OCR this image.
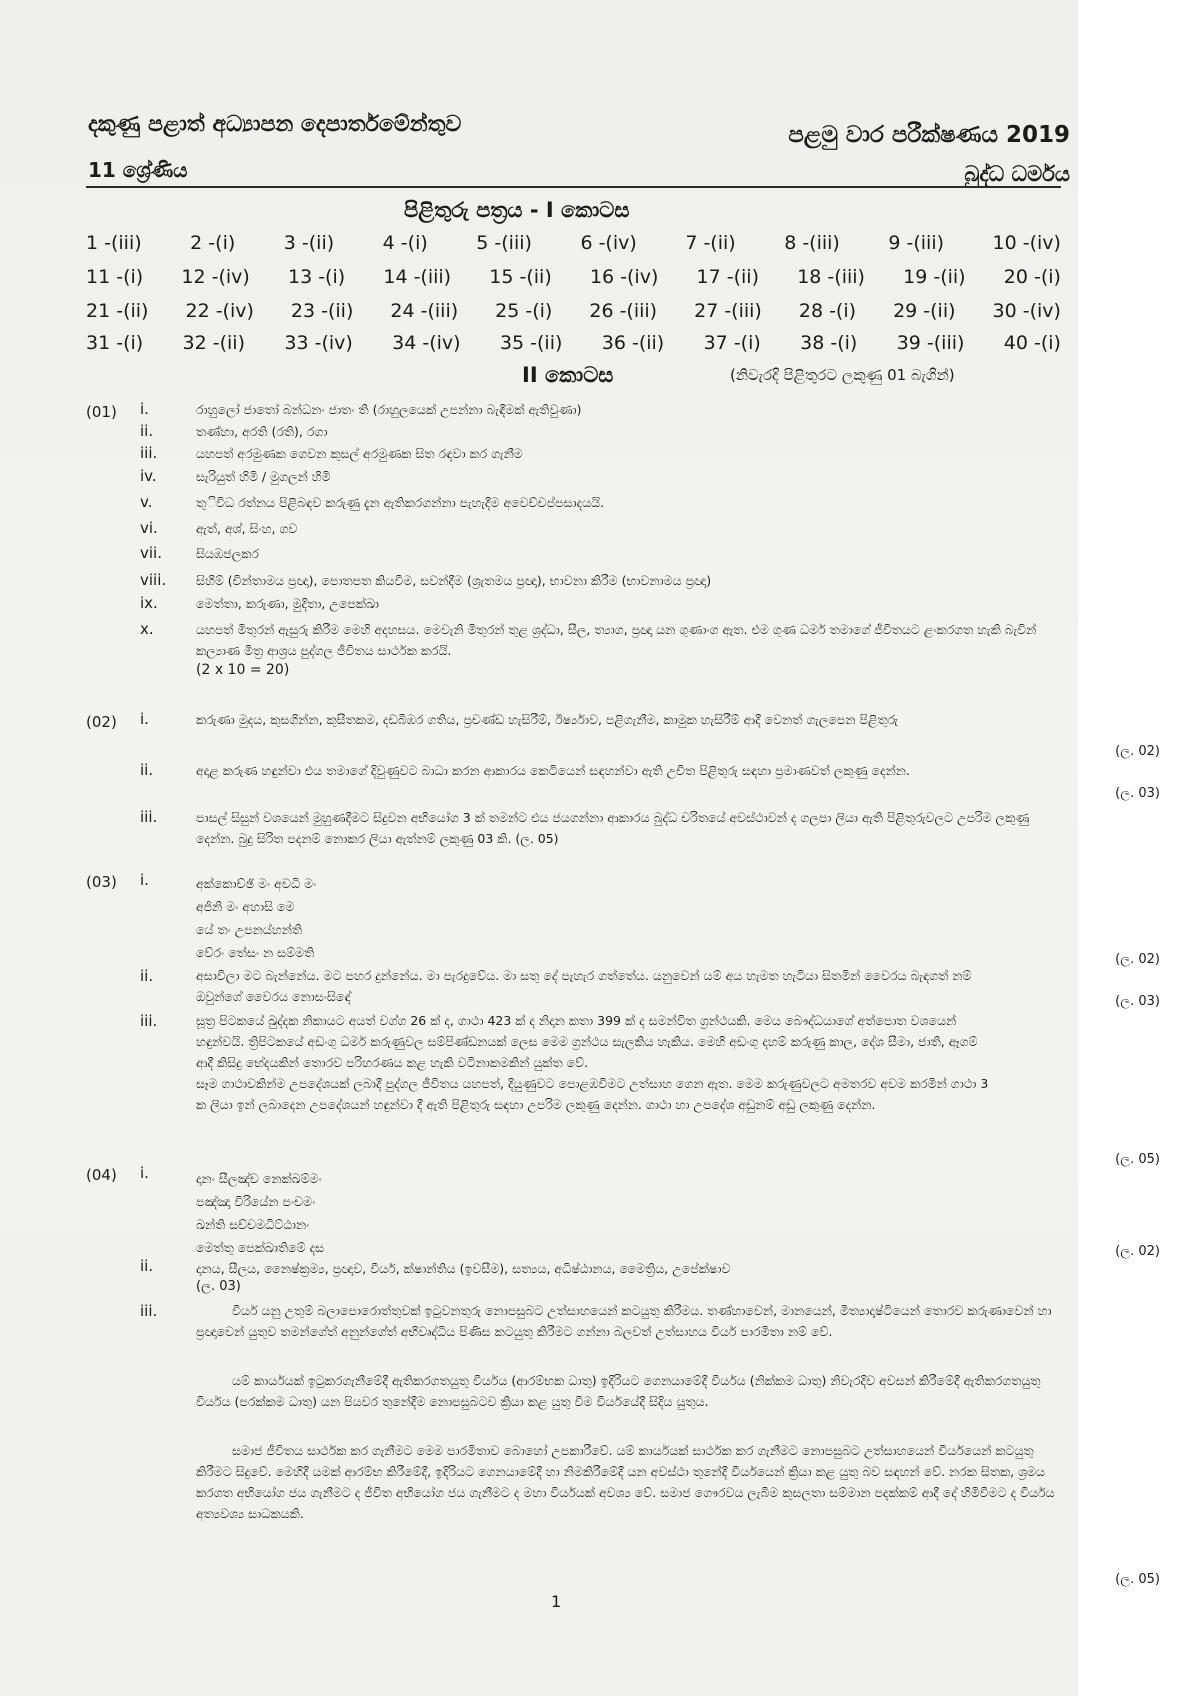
දකුණු පළාත් අධ්‍යාපන දෙපාර්තමේන්තුව	පළමු වාර පරීක්ෂණය 2019
11 ශ්‍රේණිය	බුද්ධ ධර්මය
පිළිතුරු පත්‍රය - I කොටස
1 -(iii)	2 -(i)	3 -(ii)	4 -(i)	5 -(iii)	6 -(iv)	7 -(ii)	8 -(iii)	9 -(iii)	10 -(iv)
11 -(i) 12 -(iv) 13 -(i) 14 -(iii) 15 -(ii) 16 -(iv) 17 -(ii) 18 -(iii) 19 -(ii) 20 -(i)
21 -(ii) 22 -(iv) 23 -(ii) 24 -(iii) 25 -(i) 26 -(iii) 27 -(iii) 28 -(i) 29 -(ii) 30 -(iv)
31 -(i) 32 -(ii) 33 -(iv) 34 -(iv) 35 -(ii) 36 -(ii) 37 -(i) 38 -(i) 39 -(iii) 40 -(i)
II කොටස	(නිවැරදි පිළිතුරට ලකුණු 01 බැගින්)
(01) i.	රාහුලෝ ජාතෝ බන්ධනං ජාතං ති (රාහුලයෙක් උපන්නා බැඳීමක් ඇතිවුණා)
ii.	තණ්හා, අරති (රති), රගා
iii.	යහපත් අරමුණක ගෙවන කුසල් අරමුණක සිත රඳවා කර ගැනීම
iv.	සැරියුත් හිමි / මුගලන් හිමි
v.	තුිවිධ රත්නය පිළිබඳව කරුණු දැන ඇතිකරගන්නා පැහැදීම අවෙච්චප්පසාදයයි.
vi.	ඇත්, අශ්, සිංහ, ගව
vii.	සියඹජලකර
viii. සිහිම් (චින්තාමය ප්‍රඥා), පොතපත කියවීම, සවන්දීම (ශ්‍රැතමය ප්‍රඥා), භාවනා කිරීම (භාවනාමය ප්‍රඥා)
ix.	මෙත්තා, කරුණා, මුදිතා, උපෙක්ඛා
x.	යහපත් මිතුරන් ඇසුරු කිරීම මෙහි අදහසය. මෙවැනි මිතුරන් තුළ ශ්‍රද්ධා, සීල, ත්‍යාග, ප්‍රඥා යන ගුණාංග ඇත. එම ගුණ ධර්ම තමාගේ ජීවිතයට ළංකරගත හැකි බැවින් කල්‍යාණ මිත්‍ර ආශ්‍රය පුද්ගල ජීවිතය සාර්ථක කරයි.
(2 x 10 = 20)
(02) i.	කරුණා මුදය, කුසගින්න, කුසීතකම, දඩබිඹර ගතිය, ප්‍රචණ්ඩ හැසිරීම්, ඊර්ෂ්‍යාව, පළිගැනීම, කාමුක හැසිරීම් ආදී වෙනත් ගැලපෙන පිළිතුරු
(ල. 02)
ii.	අදාළ කරුණ හඳුන්වා එය තමාගේ දිවුණුවට බාධා කරන ආකාරය කෙටියෙන් සඳහන්වා ඇති උචිත පිළිතුරු සඳහා ප්‍රමාණවත් ලකුණු දෙන්න.
(ල. 03)
iii.	පාසල් සිසුන් වශයෙන් මුහුණදීමට සිදුවන අභියෝග 3 ක් තමන්ට එය ජයගන්නා ආකාරය බුද්ධ චරිතයේ අවස්ථාවන් ද ගලපා ලියා ඇති පිළිතුරුවලට උපරිම ලකුණු දෙන්න. බුදු සිරිත පදනම් නොකර ලියා ඇත්නම් ලකුණු 03 කි. (ල. 05)
(03) i.	අක්කොච්ඡි මං අවධි මං
අජිනි මං අහාසි මෙ
යේ තං උපනය්හන්ති
වේරං තේසං න සම්මති	(ල. 02)
ii.	අසාවිලා මට බැන්නේය. මට පහර දුන්නේය. මා පැරදුවේය. මා සතු දේ පැහැර ගත්තේය. යනුවෙන් යම් අය හැමත හැටියා සිතමින් වෛරය බැඳගත් නම් ඔවුන්ගේ වෛරය නොසංසිඳේ	(ල. 03)
iii.	සූත්‍ර පිටකයේ ඛුද්දක නිකායට අයත් වග්ග 26 ක් ද, ගාථා 423 ක් ද නිදාන කතා 399 ක් ද සමන්විත ග්‍රන්ථයකි. මෙය බෞද්ධයාගේ අත්පොත වශයෙන් හඳුන්වයි. ත්‍රිපිටකයේ අඩංගු ධර්ම කරුණුවල සම්පිණ්ඩනයක් ලෙස මෙම ග්‍රන්ථය සැලකිය හැකිය. මෙහි අඩංගු දහම් කරුණු කාල, දේශ සීමා, ජාති, ඈගම් ආදී කිසිදු භේදයකින් තොරව පරිහරණය කළ හැකි වටිනාකමකින් යුක්ත වේ.
සෑම ගාථාවකින්ම උපදේශයක් ලබාදී පුද්ගල ජීවිතය යහපත්, දියුණුවට පොළඹවීමට උත්සාහ ගෙන ඇත. මෙම කරුණුවලට අමතරව අවම කරමින් ගාථා 3 ක ලියා ඉන් ලබාදෙන උපදේශයන් හඳුන්වා දී ඇති පිළිතුරු සඳහා උපරිම ලකුණු දෙන්න. ගාථා හා උපදේශ අඩුනම් අඩු ලකුණු දෙන්න.
(ල. 05)
(04) i.	දානං සීලඤ්ච නෙක්ඛම්මං
පඤ්ඤා විරියේන පංචමං
ඛන්ති සච්චමධිට්ඨානං
මෙත්තු පෙක්ඛාතිමේ දස	(ල. 02)
ii.	දානය, සීලය, නෛෂ්ක්‍රම්‍ය, ප්‍රඥාව, වීර්ය, ක්ෂාන්තිය (ඉවසීම), සත්‍යය, අධිෂ්ඨානය, මෛත්‍රිය, උපේක්ෂාව
(ල. 03)
iii.	වීර්ය යනු උතුම් බලාපොරොත්තුවක් ඉටුවනතුරු නොපසුබට උත්සාහයෙන් කටයුතු කිරීමය. තණ්හාවෙන්, මානයෙන්, මිත්‍යාදෘෂ්ටියෙන් තොරව කරුණාවෙන් හා ප්‍රඥාවෙන් යුතුව තමන්ගේත් අනුන්ගේත් අභිවෘද්ධිය පිණිස කටයුතු කිරීමට ගන්නා බලවත් උත්සාහය වීර්ය පාරමිතා නම් වේ.
යම් කාර්යයක් ඉටුකරගැනීමේදී ඇතිකරගතයුතු වීර්යය (ආරම්භක ධාතු) ඉදිරියට ගෙනයාමේදී වීර්යය (නික්කම ධාතු) නිවැරදිව අවසන් කිරීමේදී ඇතිකරගතයුතු වීර්යය (පරක්කම ධාතු) යන පියවර තුනේදීම නොපසුබටව ක්‍රියා කළ යුතු වීම වීර්යයේදී සිදිය යුතුය.
සමාජ ජීවිතය සාර්ථක කර ගැනීමට මෙම පාරමිතාව බොහෝ උපකාරීවේ. යම් කාර්යයක් සාර්ථක කර ගැනීමට නොපසුබට උත්සාහයෙන් වීර්යයෙන් කටයුතු කිරීමට සිදුවේ. මෙහිදී යමක් ආරම්භ කිරීමේදී, ඉදිරියට ගෙනයාමේදී හා නිමකිරීමේදී යන අවස්ථා තුනේදී වීර්යයෙන් ක්‍රියා කළ යුතු බව සඳහන් වේ. නරක සිතක, ශ්‍රමය කරගත අභියෝග ජය ගැනීමට ද ජීවිත අභියෝග ජය ගැනීමට ද මහා වීර්යයක් අවශ්‍ය වේ. සමාජ ගෞරවය ලැබීම කුසලතා සම්මාන පදක්කම් ආදී දේ හිමිවීමට ද වීර්යය අත්‍යවශ්‍ය සාධකයකි.
(ල. 05)
1
